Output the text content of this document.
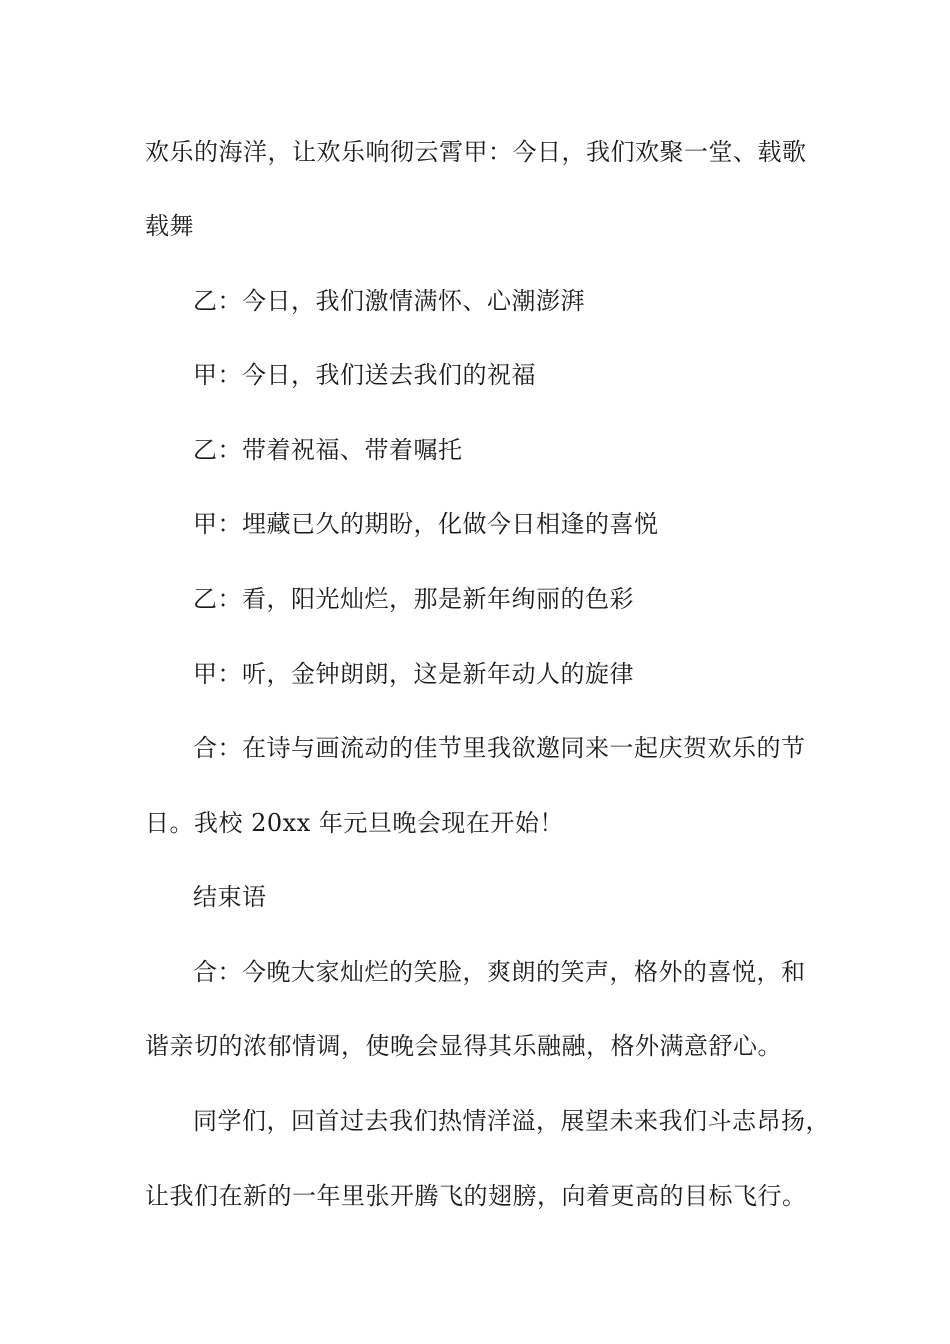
欢乐的海洋，让欢乐响彻云霄甲：今日，我们欢聚一堂、载歌
载舞
乙：今日，我们激情满怀、心潮澎湃
甲：今日，我们送去我们的祝福
乙：带着祝福、带着嘱托
甲：埋藏已久的期盼，化做今日相逢的喜悦
乙：看，阳光灿烂，那是新年绚丽的色彩
甲：听，金钟朗朗，这是新年动人的旋律
合：在诗与画流动的佳节里我欲邀同来一起庆贺欢乐的节
日。我校 20xx 年元旦晚会现在开始！
结束语
合：今晚大家灿烂的笑脸，爽朗的笑声，格外的喜悦，和
谐亲切的浓郁情调，使晚会显得其乐融融，格外满意舒心。
同学们，回首过去我们热情洋溢，展望未来我们斗志昂扬，
让我们在新的一年里张开腾飞的翅膀，向着更高的目标飞行。
